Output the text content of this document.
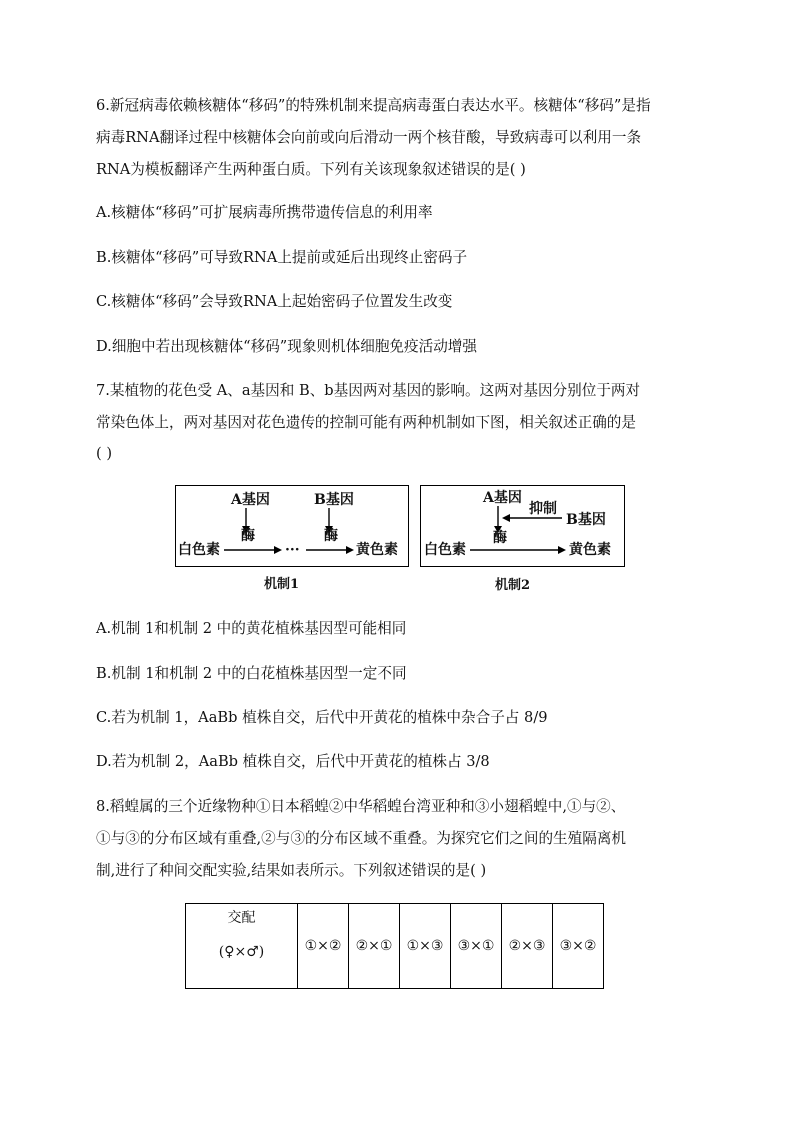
6.新冠病毒依赖核糖体“移码”的特殊机制来提高病毒蛋白表达水平。核糖体“移码”是指
病毒RNA翻译过程中核糖体会向前或向后滑动一两个核苷酸，导致病毒可以利用一条
RNA为模板翻译产生两种蛋白质。下列有关该现象叙述错误的是( )
A.核糖体“移码”可扩展病毒所携带遗传信息的利用率
B.核糖体“移码”可导致RNA上提前或延后出现终止密码子
C.核糖体“移码”会导致RNA上起始密码子位置发生改变
D.细胞中若出现核糖体“移码”现象则机体细胞免疫活动增强
7.某植物的花色受 A、a基因和 B、b基因两对基因的影响。这两对基因分别位于两对
常染色体上，两对基因对花色遗传的控制可能有两种机制如下图，相关叙述正确的是
( )
A基因	B基因
酶	酶
白色素	···	黄色素
机制1
A基因
抑制
B基因
酶
白色素	黄色素
机制2
A.机制 1和机制 2 中的黄花植株基因型可能相同
B.机制 1和机制 2 中的白花植株基因型一定不同
C.若为机制 1，AaBb 植株自交，后代中开黄花的植株中杂合子占 8/9
D.若为机制 2，AaBb 植株自交，后代中开黄花的植株占 3/8
8.稻蝗属的三个近缘物种①日本稻蝗②中华稻蝗台湾亚种和③小翅稻蝗中,①与②、
①与③的分布区域有重叠,②与③的分布区域不重叠。为探究它们之间的生殖隔离机
制,进行了种间交配实验,结果如表所示。下列叙述错误的是( )
交配
(♀×♂)	①×②	②×①	①×③	③×①	②×③	③×②
